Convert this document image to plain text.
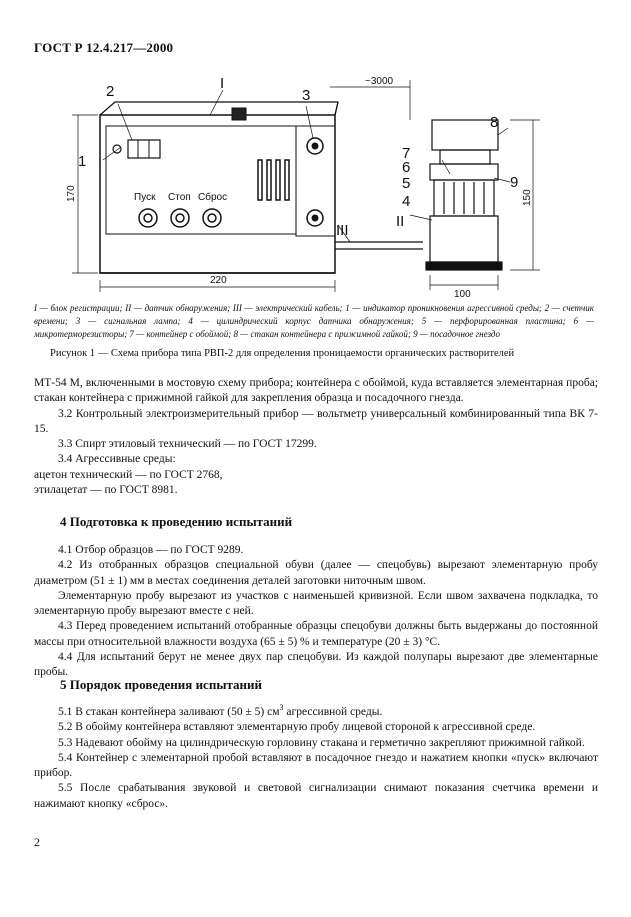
ГОСТ Р 12.4.217—2000
1
2	I
3
III
II
7
6
5
4
8
9
Пуск Стоп Сброс
220
~3000
100
170	150
I — блок регистрации; II — датчик обнаружения; III — электрический кабель; 1 — индикатор проникновения агрессивной среды; 2 — счетчик времени; 3 — сигнальная лампа; 4 — цилиндрический корпус датчика обнаружения; 5 — перфорированная пластина; 6 — микротерморезисторы; 7 — контейнер с обоймой; 8 — стакан контейнера с прижимной гайкой; 9 — посадочное гнездо
Рисунок 1 — Схема прибора типа РВП-2 для определения проницаемости органических растворителей

МТ-54 М, включенными в мостовую схему прибора; контейнера с обоймой, куда вставляется элементарная проба; стакан контейнера с прижимной гайкой для закрепления образца и посадочного гнезда.

3.2 Контрольный электроизмерительный прибор — вольтметр универсальный комбинированный типа ВК 7-15.

3.3 Спирт этиловый технический — по ГОСТ 17299.

3.4 Агрессивные среды:

ацетон технический — по ГОСТ 2768,

этилацетат — по ГОСТ 8981.

4 Подготовка к проведению испытаний

4.1 Отбор образцов — по ГОСТ 9289.

4.2 Из отобранных образцов специальной обуви (далее — спецобувь) вырезают элементарную пробу диаметром (51 ± 1) мм в местах соединения деталей заготовки ниточным швом.

Элементарную пробу вырезают из участков с наименьшей кривизной. Если швом захвачена подкладка, то элементарную пробу вырезают вместе с ней.

4.3 Перед проведением испытаний отобранные образцы спецобуви должны быть выдержаны до постоянной массы при относительной влажности воздуха (65 ± 5) % и температуре (20 ± 3) °С.

4.4 Для испытаний берут не менее двух пар спецобуви. Из каждой полупары вырезают две элементарные пробы.

5 Порядок проведения испытаний

5.1 В стакан контейнера заливают (50 ± 5) $см^3$ агрессивной среды.

5.2 В обойму контейнера вставляют элементарную пробу лицевой стороной к агрессивной среде.

5.3 Надевают обойму на цилиндрическую горловину стакана и герметично закрепляют прижимной гайкой.

5.4 Контейнер с элементарной пробой вставляют в посадочное гнездо и нажатием кнопки «пуск» включают прибор.

5.5 После срабатывания звуковой и световой сигнализации снимают показания счетчика времени и нажимают кнопку «сброс».

2
